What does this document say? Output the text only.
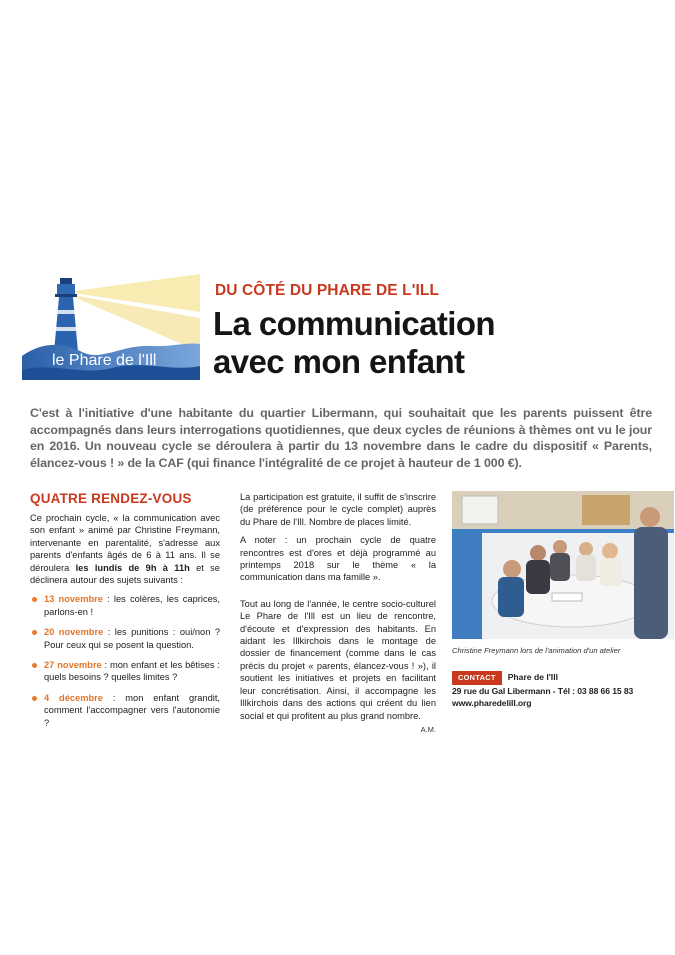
le Phare de l'Ill
DU CÔTÉ DU PHARE DE L'ILL
La communication
avec mon enfant
C'est à l'initiative d'une habitante du quartier Libermann, qui souhaitait que les parents puissent être accompagnés dans leurs interrogations quotidiennes, que deux cycles de réunions à thèmes ont vu le jour en 2016. Un nouveau cycle se déroulera à partir du 13 novembre dans le cadre du dispositif « Parents, élancez-vous ! » de la CAF (qui finance l'intégralité de ce projet à hauteur de 1 000 €).
QUATRE RENDEZ-VOUS
Ce prochain cycle, « la communication avec son enfant » animé par Christine Freymann, intervenante en parentalité, s'adresse aux parents d'enfants âgés de 6 à 11 ans. Il se déroulera les lundis de 9h à 11h et se déclinera autour des sujets suivants :
13 novembre : les colères, les caprices, parlons-en !
20 novembre : les punitions : oui/non ? Pour ceux qui se posent la question.
27 novembre : mon enfant et les bêtises : quels besoins ? quelles limites ?
4 décembre : mon enfant grandit, comment l'accompagner vers l'autonomie ?

La participation est gratuite, il suffit de s'inscrire (de préférence pour le cycle complet) auprès du Phare de l'Ill. Nombre de places limité.

A noter : un prochain cycle de quatre rencontres est d'ores et déjà programmé au printemps 2018 sur le thème « la communication dans ma famille ».

Tout au long de l'année, le centre socio-culturel Le Phare de l'Ill est un lieu de rencontre, d'écoute et d'expression des habitants. En aidant les Illkirchois dans le montage de dossier de financement (comme dans le cas précis du projet « parents, élancez-vous ! »), il soutient les initiatives et projets en facilitant leur concrétisation. Ainsi, il accompagne les Illkirchois dans des actions qui créent du lien social et qui profitent au plus grand nombre.

A.M.
Christine Freymann lors de l'animation d'un atelier
CONTACT Phare de l'Ill
29 rue du Gal Libermann - Tél : 03 88 66 15 83
www.pharedelill.org
